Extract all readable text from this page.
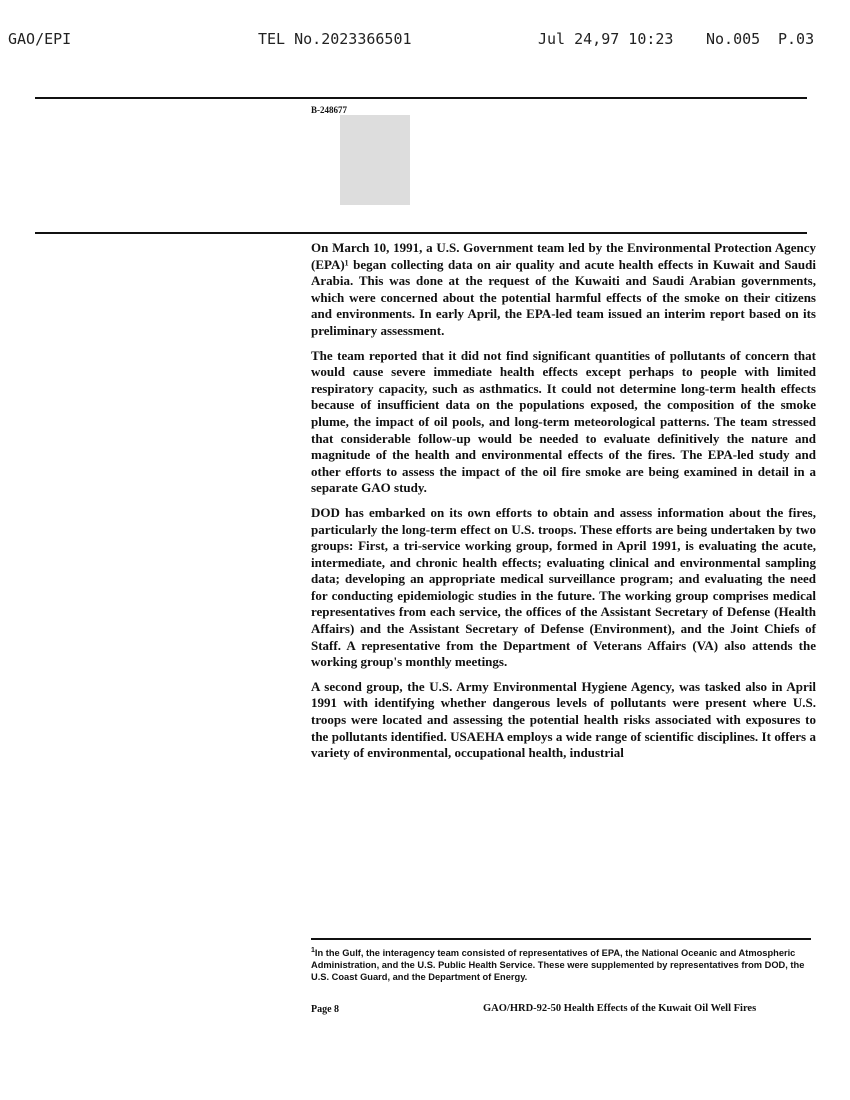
GAO/EPI	TEL No.2023366501	Jul 24,97 10:23 No.005 P.03
B-248677

On March 10, 1991, a U.S. Government team led by the Environmental Protection Agency (EPA)¹ began collecting data on air quality and acute health effects in Kuwait and Saudi Arabia. This was done at the request of the Kuwaiti and Saudi Arabian governments, which were concerned about the potential harmful effects of the smoke on their citizens and environments. In early April, the EPA-led team issued an interim report based on its preliminary assessment.

The team reported that it did not find significant quantities of pollutants of concern that would cause severe immediate health effects except perhaps to people with limited respiratory capacity, such as asthmatics. It could not determine long-term health effects because of insufficient data on the populations exposed, the composition of the smoke plume, the impact of oil pools, and long-term meteorological patterns. The team stressed that considerable follow-up would be needed to evaluate definitively the nature and magnitude of the health and environmental effects of the fires. The EPA-led study and other efforts to assess the impact of the oil fire smoke are being examined in detail in a separate GAO study.

DOD has embarked on its own efforts to obtain and assess information about the fires, particularly the long-term effect on U.S. troops. These efforts are being undertaken by two groups: First, a tri-service working group, formed in April 1991, is evaluating the acute, intermediate, and chronic health effects; evaluating clinical and environmental sampling data; developing an appropriate medical surveillance program; and evaluating the need for conducting epidemiologic studies in the future. The working group comprises medical representatives from each service, the offices of the Assistant Secretary of Defense (Health Affairs) and the Assistant Secretary of Defense (Environment), and the Joint Chiefs of Staff. A representative from the Department of Veterans Affairs (VA) also attends the working group's monthly meetings.

A second group, the U.S. Army Environmental Hygiene Agency, was tasked also in April 1991 with identifying whether dangerous levels of pollutants were present where U.S. troops were located and assessing the potential health risks associated with exposures to the pollutants identified. USAEHA employs a wide range of scientific disciplines. It offers a variety of environmental, occupational health, industrial

$^1$In the Gulf, the interagency team consisted of representatives of EPA, the National Oceanic and Atmospheric Administration, and the U.S. Public Health Service. These were supplemented by representatives from DOD, the U.S. Coast Guard, and the Department of Energy.
Page 8	GAO/HRD-92-50 Health Effects of the Kuwait Oil Well Fires
